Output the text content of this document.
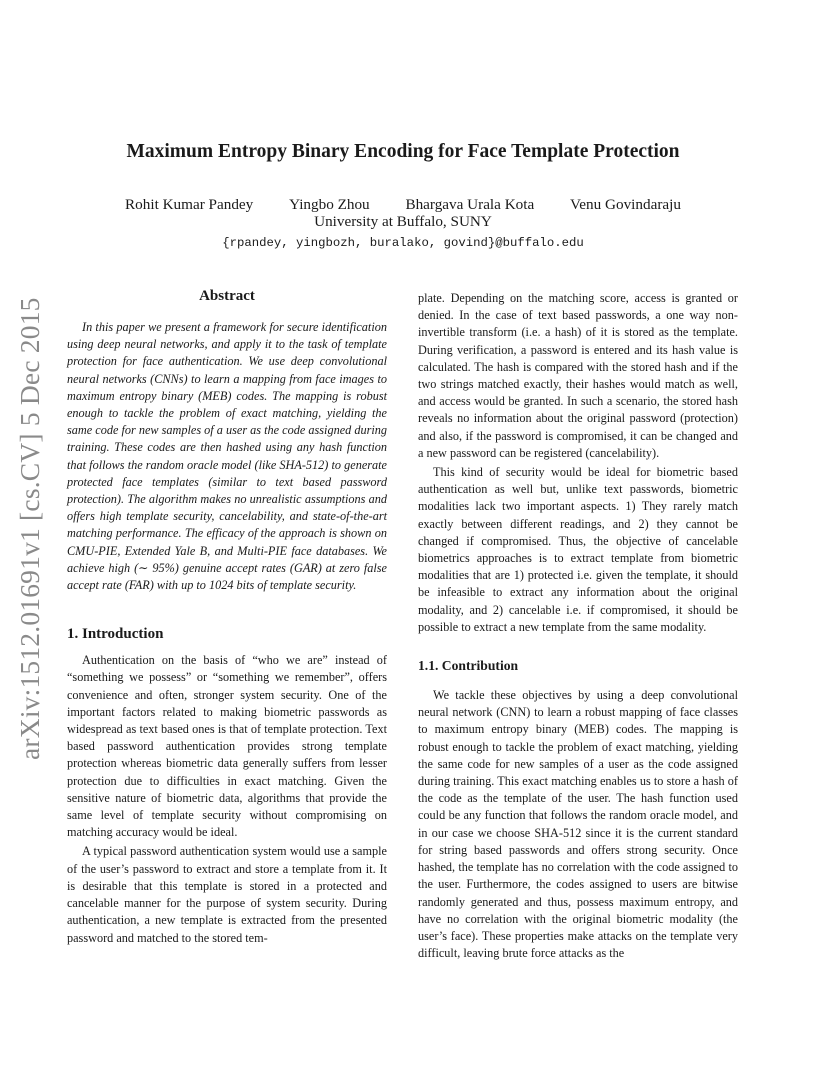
arXiv:1512.01691v1 [cs.CV] 5 Dec 2015
Maximum Entropy Binary Encoding for Face Template Protection
Rohit Kumar Pandey Yingbo Zhou Bhargava Urala Kota Venu Govindaraju
University at Buffalo, SUNY
{rpandey, yingbozh, buralako, govind}@buffalo.edu
Abstract

In this paper we present a framework for secure identification using deep neural networks, and apply it to the task of template protection for face authentication. We use deep convolutional neural networks (CNNs) to learn a mapping from face images to maximum entropy binary (MEB) codes. The mapping is robust enough to tackle the problem of exact matching, yielding the same code for new samples of a user as the code assigned during training. These codes are then hashed using any hash function that follows the random oracle model (like SHA-512) to generate protected face templates (similar to text based password protection). The algorithm makes no unrealistic assumptions and offers high template security, cancelability, and state-of-the-art matching performance. The efficacy of the approach is shown on CMU-PIE, Extended Yale B, and Multi-PIE face databases. We achieve high (∼ 95%) genuine accept rates (GAR) at zero false accept rate (FAR) with up to 1024 bits of template security.

1. Introduction

Authentication on the basis of “who we are” instead of “something we possess” or “something we remember”, offers convenience and often, stronger system security. One of the important factors related to making biometric passwords as widespread as text based ones is that of template protection. Text based password authentication provides strong template protection whereas biometric data generally suffers from lesser protection due to difficulties in exact matching. Given the sensitive nature of biometric data, algorithms that provide the same level of template security without compromising on matching accuracy would be ideal.

A typical password authentication system would use a sample of the user’s password to extract and store a template from it. It is desirable that this template is stored in a protected and cancelable manner for the purpose of system security. During authentication, a new template is extracted from the presented password and matched to the stored tem-

plate. Depending on the matching score, access is granted or denied. In the case of text based passwords, a one way non-invertible transform (i.e. a hash) of it is stored as the template. During verification, a password is entered and its hash value is calculated. The hash is compared with the stored hash and if the two strings matched exactly, their hashes would match as well, and access would be granted. In such a scenario, the stored hash reveals no information about the original password (protection) and also, if the password is compromised, it can be changed and a new password can be registered (cancelability).

This kind of security would be ideal for biometric based authentication as well but, unlike text passwords, biometric modalities lack two important aspects. 1) They rarely match exactly between different readings, and 2) they cannot be changed if compromised. Thus, the objective of cancelable biometrics approaches is to extract template from biometric modalities that are 1) protected i.e. given the template, it should be infeasible to extract any information about the original modality, and 2) cancelable i.e. if compromised, it should be possible to extract a new template from the same modality.

1.1. Contribution

We tackle these objectives by using a deep convolutional neural network (CNN) to learn a robust mapping of face classes to maximum entropy binary (MEB) codes. The mapping is robust enough to tackle the problem of exact matching, yielding the same code for new samples of a user as the code assigned during training. This exact matching enables us to store a hash of the code as the template of the user. The hash function used could be any function that follows the random oracle model, and in our case we choose SHA-512 since it is the current standard for string based passwords and offers strong security. Once hashed, the template has no correlation with the code assigned to the user. Furthermore, the codes assigned to users are bitwise randomly generated and thus, possess maximum entropy, and have no correlation with the original biometric modality (the user’s face). These properties make attacks on the template very difficult, leaving brute force attacks as the
